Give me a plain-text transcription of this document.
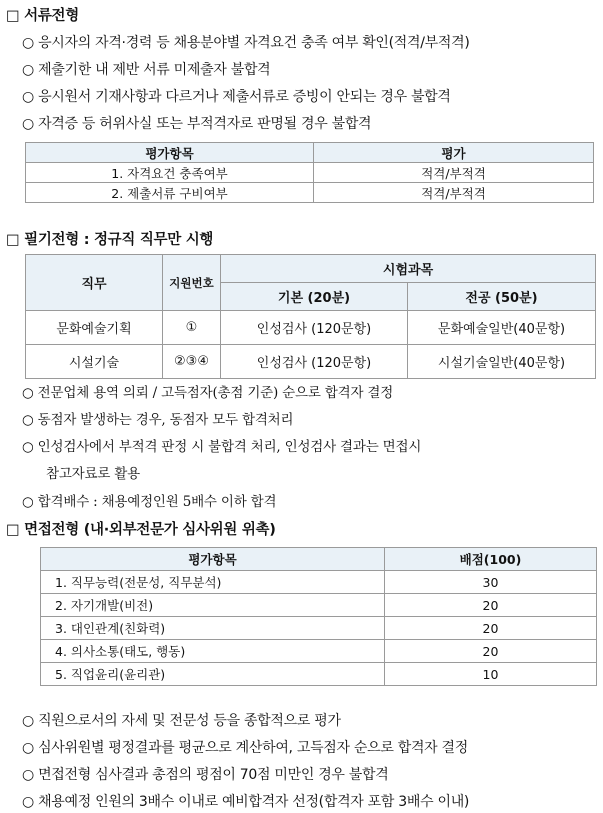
□ 서류전형
○ 응시자의 자격·경력 등 채용분야별 자격요건 충족 여부 확인(적격/부적격)
○ 제출기한 내 제반 서류 미제출자 불합격
○ 응시원서 기재사항과 다르거나 제출서류로 증빙이 안되는 경우 불합격
○ 자격증 등 허위사실 또는 부적격자로 판명될 경우 불합격
평가항목	평가
1. 자격요건 충족여부	적격/부적격
2. 제출서류 구비여부	적격/부적격
□ 필기전형 : 정규직 직무만 시행
직무	지원번호	시험과목	
		기본 (20분)	전공 (50분)
문화예술기획	①	인성검사 (120문항)	문화예술일반(40문항)
시설기술	②③④	인성검사 (120문항)	시설기술일반(40문항)
○ 전문업체 용역 의뢰 / 고득점자(총점 기준) 순으로 합격자 결정
○ 동점자 발생하는 경우, 동점자 모두 합격처리
○ 인성검사에서 부적격 판정 시 불합격 처리, 인성검사 결과는 면접시
참고자료로 활용
○ 합격배수 : 채용예정인원 5배수 이하 합격
□ 면접전형 (내·외부전문가 심사위원 위촉)
평가항목	배점(100)
1. 직무능력(전문성, 직무분석)	30
2. 자기개발(비전)	20
3. 대인관계(친화력)	20
4. 의사소통(태도, 행동)	20
5. 직업윤리(윤리관)	10
○ 직원으로서의 자세 및 전문성 등을 종합적으로 평가
○ 심사위원별 평정결과를 평균으로 계산하여, 고득점자 순으로 합격자 결정
○ 면접전형 심사결과 총점의 평점이 70점 미만인 경우 불합격
○ 채용예정 인원의 3배수 이내로 예비합격자 선정(합격자 포함 3배수 이내)
